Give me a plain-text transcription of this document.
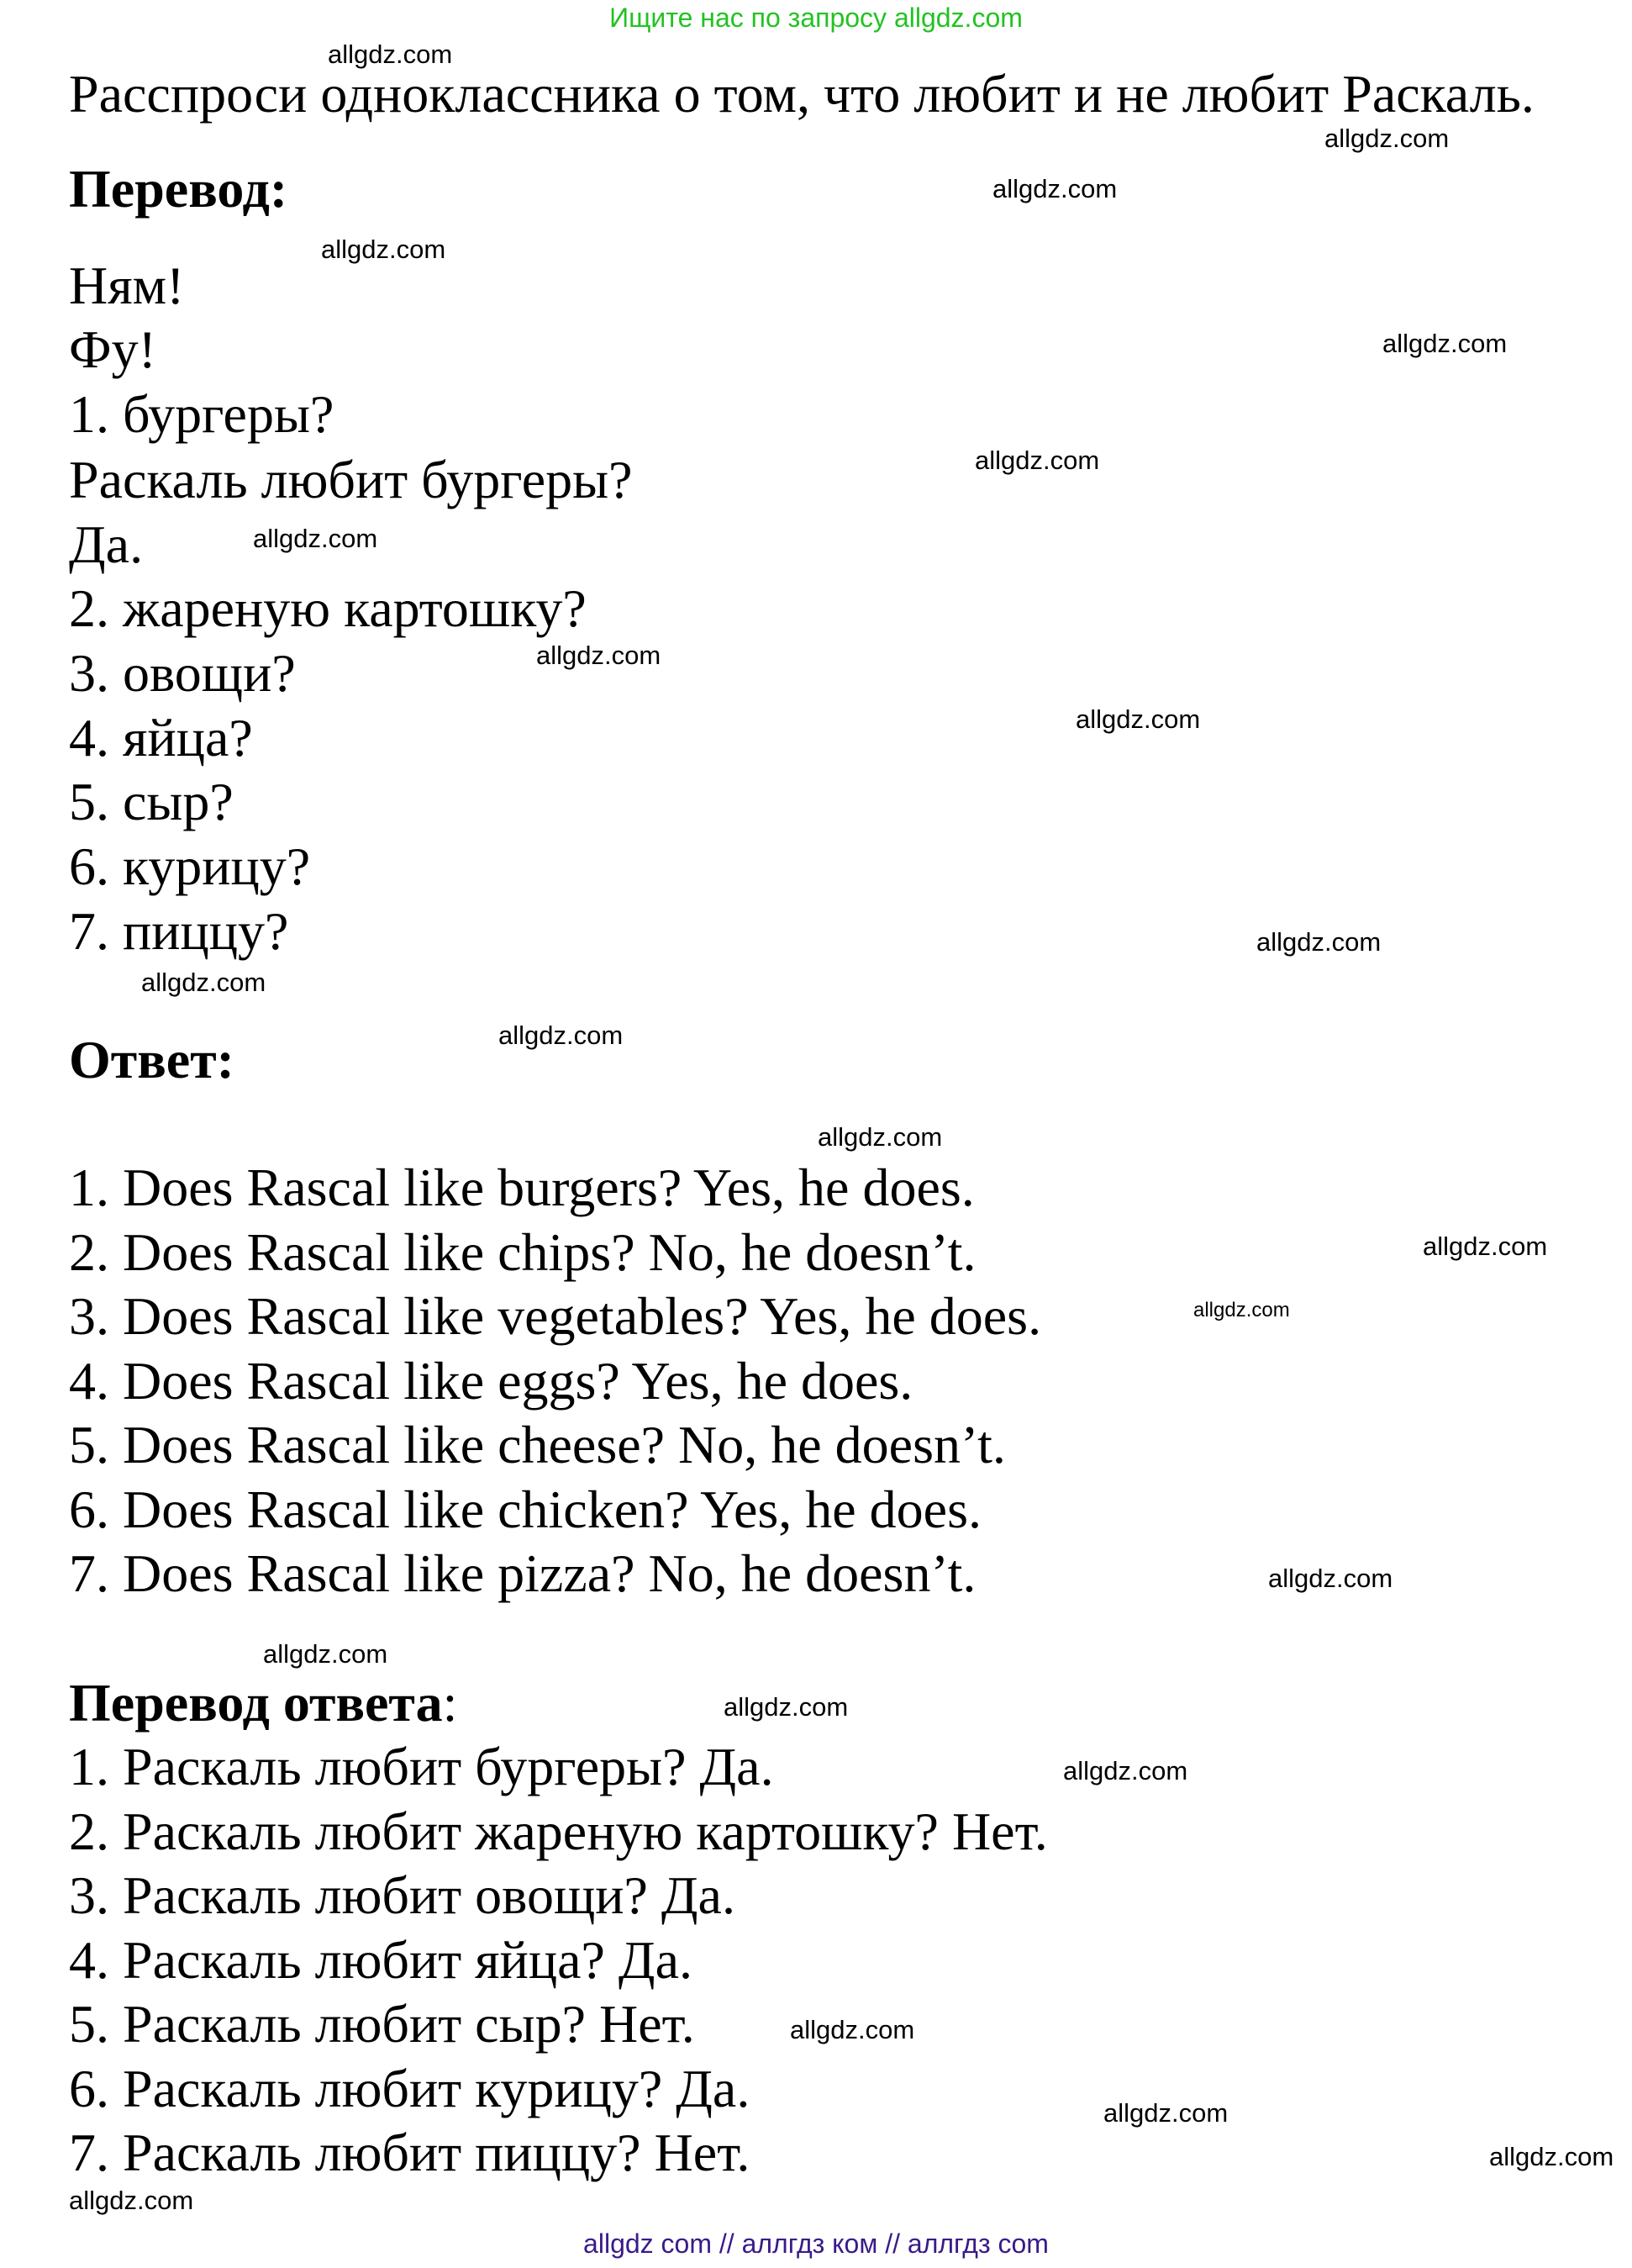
Ищите нас по запросу allgdz.com
Расспроси одноклассника о том, что любит и не любит Раскаль.
Перевод:
Ням!
Фу!
1. бургеры?
Раскаль любит бургеры?
Да.
2. жареную картошку?
3. овощи?
4. яйца?
5. сыр?
6. курицу?
7. пиццу?
Ответ:
1. Does Rascal like burgers? Yes, he does.
2. Does Rascal like chips? No, he doesn’t.
3. Does Rascal like vegetables? Yes, he does.
4. Does Rascal like eggs? Yes, he does.
5. Does Rascal like cheese? No, he doesn’t.
6. Does Rascal like chicken? Yes, he does.
7. Does Rascal like pizza? No, he doesn’t.
Перевод ответа:
1. Раскаль любит бургеры? Да.
2. Раскаль любит жареную картошку? Нет.
3. Раскаль любит овощи? Да.
4. Раскаль любит яйца? Да.
5. Раскаль любит сыр? Нет.
6. Раскаль любит курицу? Да.
7. Раскаль любит пиццу? Нет.
allgdz.com
allgdz.com
allgdz.com
allgdz.com
allgdz.com
allgdz.com
allgdz.com
allgdz.com
allgdz.com
allgdz.com
allgdz.com
allgdz.com
allgdz.com
allgdz.com
allgdz.com
allgdz.com
allgdz.com
allgdz.com
allgdz.com
allgdz.com
allgdz.com
allgdz.com
allgdz.com
allgdz com // аллгдз ком // аллгдз com
